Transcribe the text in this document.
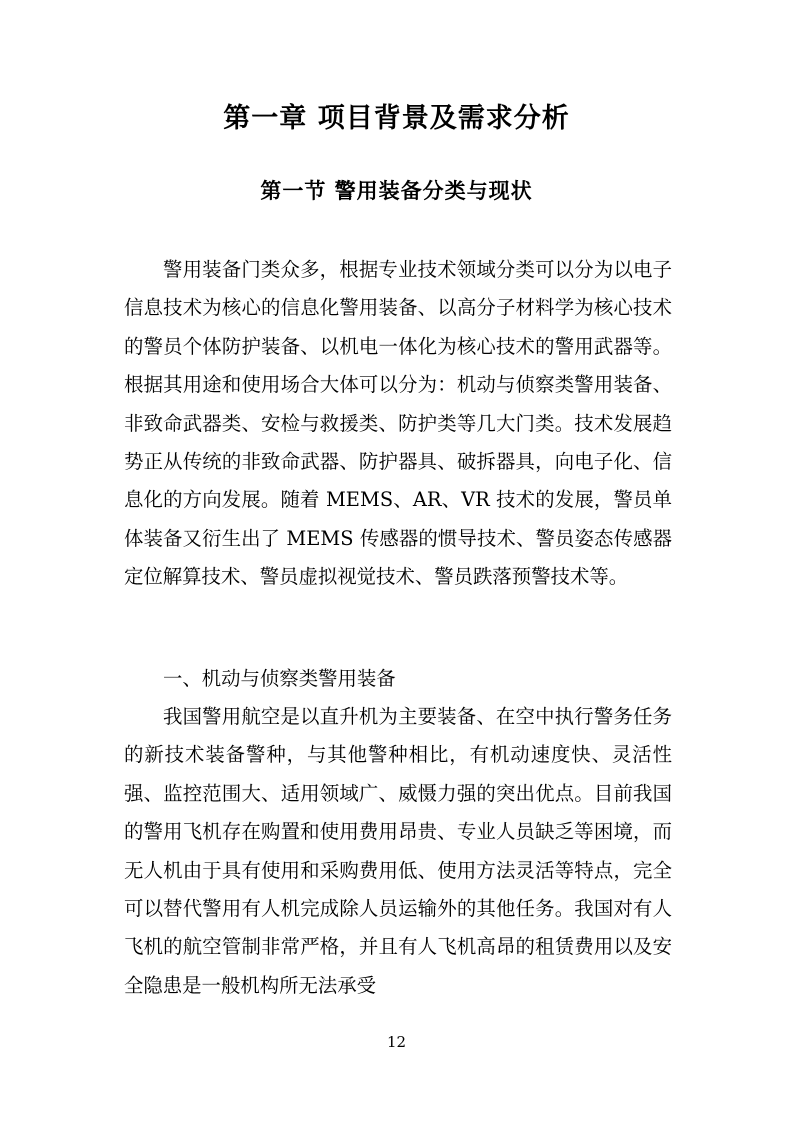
第一章 项目背景及需求分析
第一节 警用装备分类与现状

警用装备门类众多，根据专业技术领域分类可以分为以电子信息技术为核心的信息化警用装备、以高分子材料学为核心技术的警员个体防护装备、以机电一体化为核心技术的警用武器等。根据其用途和使用场合大体可以分为：机动与侦察类警用装备、非致命武器类、安检与救援类、防护类等几大门类。技术发展趋势正从传统的非致命武器、防护器具、破拆器具，向电子化、信息化的方向发展。随着 MEMS、AR、VR 技术的发展，警员单体装备又衍生出了 MEMS 传感器的惯导技术、警员姿态传感器定位解算技术、警员虚拟视觉技术、警员跌落预警技术等。

一、机动与侦察类警用装备

我国警用航空是以直升机为主要装备、在空中执行警务任务的新技术装备警种，与其他警种相比，有机动速度快、灵活性强、监控范围大、适用领域广、威慑力强的突出优点。目前我国的警用飞机存在购置和使用费用昂贵、专业人员缺乏等困境，而无人机由于具有使用和采购费用低、使用方法灵活等特点，完全可以替代警用有人机完成除人员运输外的其他任务。我国对有人飞机的航空管制非常严格，并且有人飞机高昂的租赁费用以及安全隐患是一般机构所无法承受

12
